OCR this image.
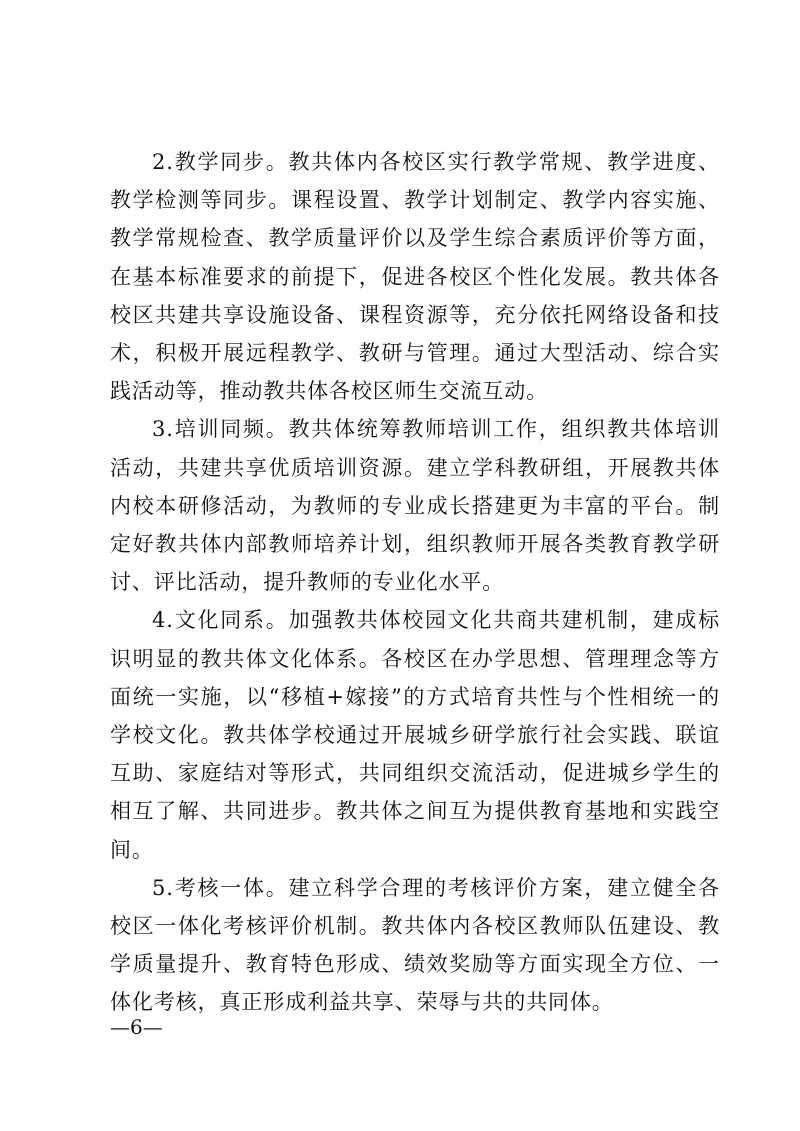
2.教学同步。教共体内各校区实行教学常规、教学进度、教学检测等同步。课程设置、教学计划制定、教学内容实施、教学常规检查、教学质量评价以及学生综合素质评价等方面，在基本标准要求的前提下，促进各校区个性化发展。教共体各校区共建共享设施设备、课程资源等，充分依托网络设备和技术，积极开展远程教学、教研与管理。通过大型活动、综合实践活动等，推动教共体各校区师生交流互动。

3.培训同频。教共体统筹教师培训工作，组织教共体培训活动，共建共享优质培训资源。建立学科教研组，开展教共体内校本研修活动，为教师的专业成长搭建更为丰富的平台。制定好教共体内部教师培养计划，组织教师开展各类教育教学研讨、评比活动，提升教师的专业化水平。

4.文化同系。加强教共体校园文化共商共建机制，建成标识明显的教共体文化体系。各校区在办学思想、管理理念等方面统一实施，以“移植+嫁接”的方式培育共性与个性相统一的学校文化。教共体学校通过开展城乡研学旅行社会实践、联谊互助、家庭结对等形式，共同组织交流活动，促进城乡学生的相互了解、共同进步。教共体之间互为提供教育基地和实践空间。

5.考核一体。建立科学合理的考核评价方案，建立健全各校区一体化考核评价机制。教共体内各校区教师队伍建设、教学质量提升、教育特色形成、绩效奖励等方面实现全方位、一体化考核，真正形成利益共享、荣辱与共的共同体。

—6—
